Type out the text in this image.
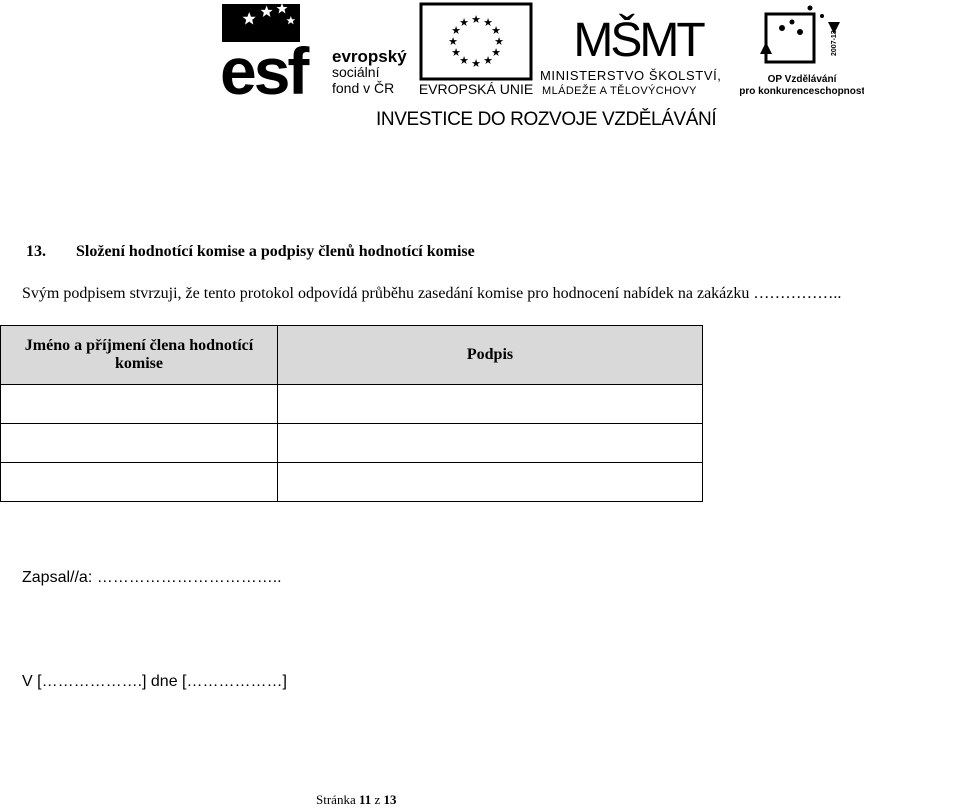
esf evropský
sociální
fond v ČR
★ ★
★
★
★
★
★
★
★
★
★
★
EVROPSKÁ UNIE
MŠMT
MINISTERSTVO ŠKOLSTVÍ,
MLÁDEŽE A TĚLOVÝCHOVY
2007-13
OP Vzdělávání
pro konkurenceschopnost
INVESTICE DO ROZVOJE VZDĚLÁVÁNÍ
13. Složení hodnotící komise a podpisy členů hodnotící komise
Svým podpisem stvrzuji, že tento protokol odpovídá průběhu zasedání komise pro hodnocení nabídek na zakázku ……………..
Jméno a příjmení člena hodnotící komise	Podpis

Zapsal//a: ……………………………..
V [……………….] dne [………………]
Stránka 11 z 13
